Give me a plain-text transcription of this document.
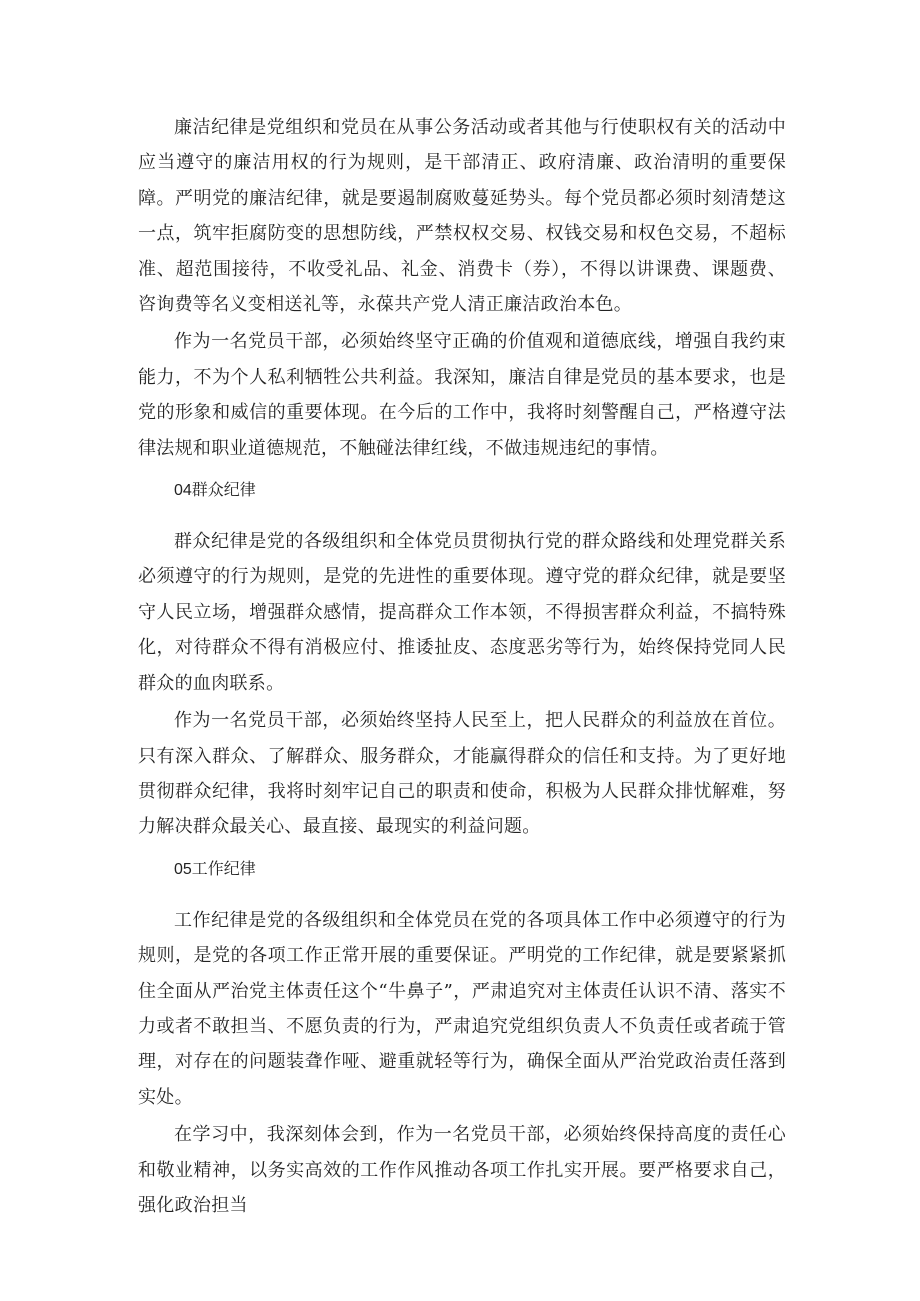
廉洁纪律是党组织和党员在从事公务活动或者其他与行使职权有关的活动中应当遵守的廉洁用权的行为规则，是干部清正、政府清廉、政治清明的重要保障。严明党的廉洁纪律，就是要遏制腐败蔓延势头。每个党员都必须时刻清楚这一点，筑牢拒腐防变的思想防线，严禁权权交易、权钱交易和权色交易，不超标准、超范围接待，不收受礼品、礼金、消费卡（券），不得以讲课费、课题费、咨询费等名义变相送礼等，永葆共产党人清正廉洁政治本色。

作为一名党员干部，必须始终坚守正确的价值观和道德底线，增强自我约束能力，不为个人私利牺牲公共利益。我深知，廉洁自律是党员的基本要求，也是党的形象和威信的重要体现。在今后的工作中，我将时刻警醒自己，严格遵守法律法规和职业道德规范，不触碰法律红线，不做违规违纪的事情。

04群众纪律

群众纪律是党的各级组织和全体党员贯彻执行党的群众路线和处理党群关系必须遵守的行为规则，是党的先进性的重要体现。遵守党的群众纪律，就是要坚守人民立场，增强群众感情，提高群众工作本领，不得损害群众利益，不搞特殊化，对待群众不得有消极应付、推诿扯皮、态度恶劣等行为，始终保持党同人民群众的血肉联系。

作为一名党员干部，必须始终坚持人民至上，把人民群众的利益放在首位。只有深入群众、了解群众、服务群众，才能赢得群众的信任和支持。为了更好地贯彻群众纪律，我将时刻牢记自己的职责和使命，积极为人民群众排忧解难，努力解决群众最关心、最直接、最现实的利益问题。

05工作纪律

工作纪律是党的各级组织和全体党员在党的各项具体工作中必须遵守的行为规则，是党的各项工作正常开展的重要保证。严明党的工作纪律，就是要紧紧抓住全面从严治党主体责任这个“牛鼻子”，严肃追究对主体责任认识不清、落实不力或者不敢担当、不愿负责的行为，严肃追究党组织负责人不负责任或者疏于管理，对存在的问题装聋作哑、避重就轻等行为，确保全面从严治党政治责任落到实处。

在学习中，我深刻体会到，作为一名党员干部，必须始终保持高度的责任心和敬业精神，以务实高效的工作作风推动各项工作扎实开展。要严格要求自己，强化政治担当
